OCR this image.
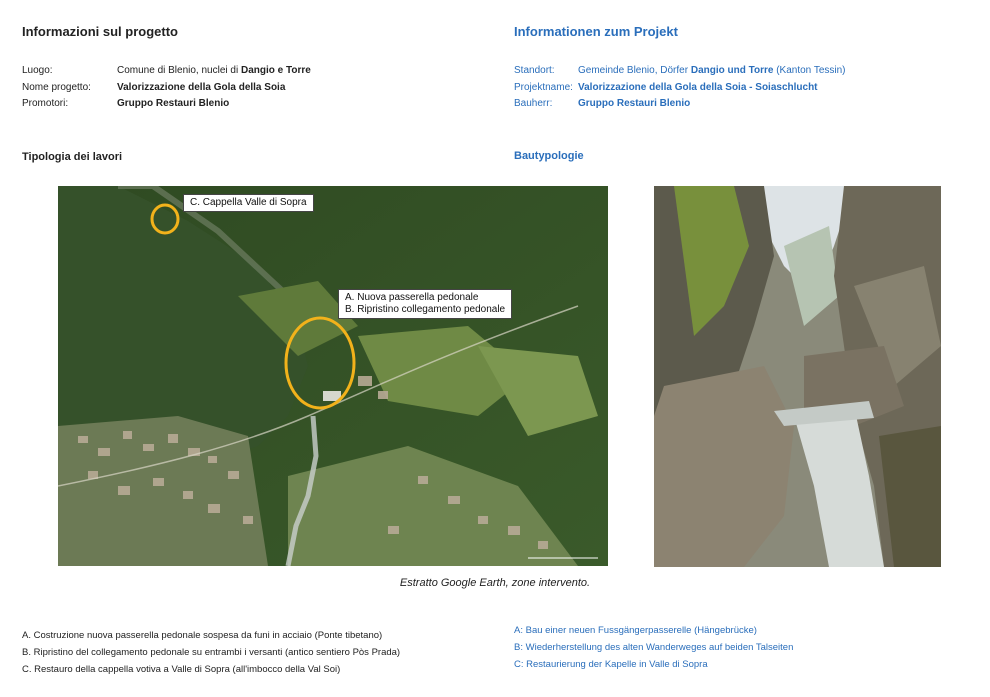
Informazioni sul progetto	Informationen zum Projekt
Luogo:	Comune di Blenio, nuclei di Dangio e Torre
Nome progetto:	Valorizzazione della Gola della Soia
Promotori:	Gruppo Restauri Blenio
Standort: Gemeinde Blenio, Dörfer Dangio und Torre (Kanton Tessin)
Projektname: Valorizzazione della Gola della Soia - Soiaschlucht
Bauherr:	Gruppo Restauri Blenio
Tipologia dei lavori	Bautypologie
C. Cappella Valle di Sopra
A. Nuova passerella pedonale
B. Ripristino collegamento pedonale
Estratto Google Earth, zone intervento.
A. Costruzione nuova passerella pedonale sospesa da funi in acciaio (Ponte tibetano)
B. Ripristino del collegamento pedonale su entrambi i versanti (antico sentiero Pòs Prada)
C. Restauro della cappella votiva a Valle di Sopra (all'imbocco della Val Soi)
A: Bau einer neuen Fussgängerpasserelle (Hängebrücke)
B: Wiederherstellung des alten Wanderweges auf beiden Talseiten
C: Restaurierung der Kapelle in Valle di Sopra
